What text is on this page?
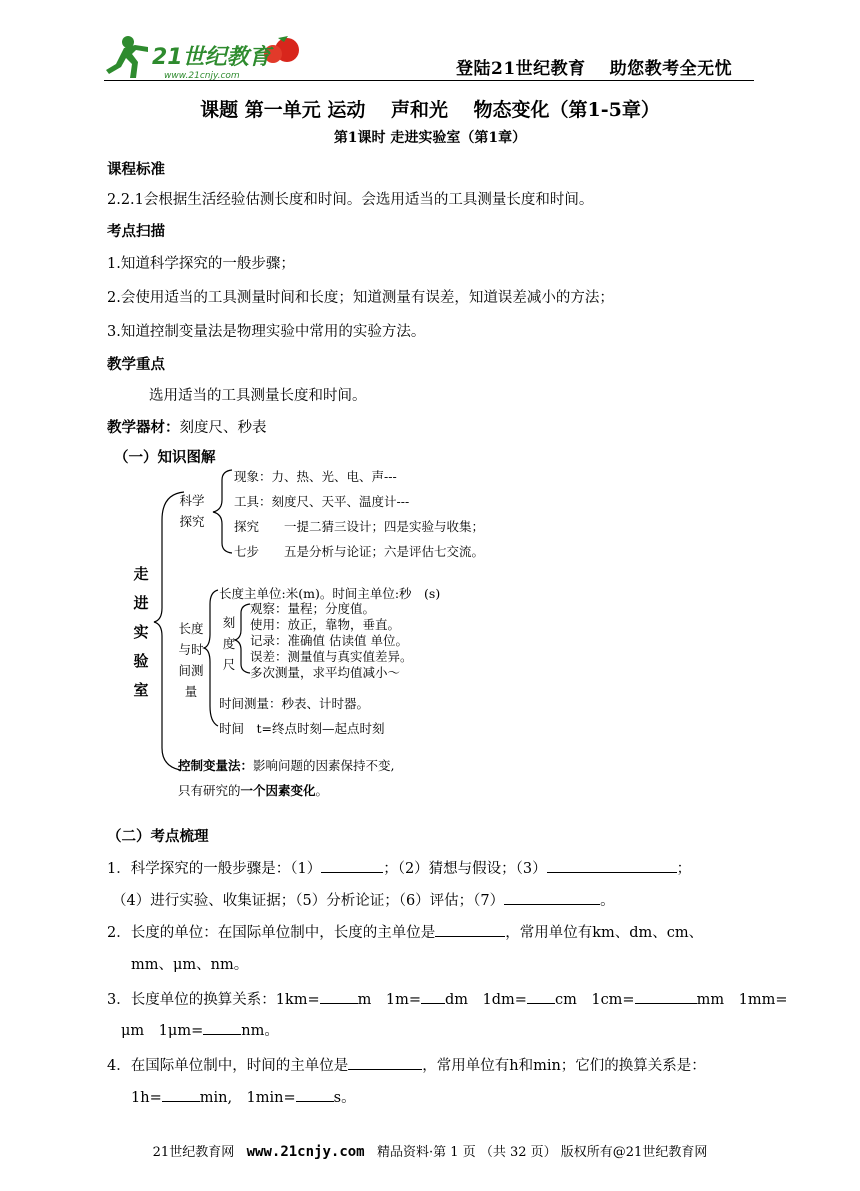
21世纪教育
www.21cnjy.com	登陆21世纪教育　 助您教考全无忧
课题 第一单元 运动 　声和光 　物态变化（第1-5章）
第1课时 走进实验室（第1章）
课程标准
2.2.1会根据生活经验估测长度和时间。会选用适当的工具测量长度和时间。
考点扫描
1.知道科学探究的一般步骤；
2.会使用适当的工具测量时间和长度；知道测量有误差，知道误差减小的方法；
3.知道控制变量法是物理实验中常用的实验方法。
教学重点
选用适当的工具测量长度和时间。
教学器材：刻度尺、秒表
（一）知识图解
走进实验室
科学探究
现象：力、热、光、电、声---
工具：刻度尺、天平、温度计---
探究　　一提二猜三设计；四是实验与收集；
七步　　五是分析与论证；六是评估七交流。
长度与时间测量
长度主单位:米(m)。时间主单位:秒　(s)
刻度尺
观察：量程；分度值。
使用：放正，靠物，垂直。
记录：准确值 估读值 单位。
误差：测量值与真实值差异。
多次测量，求平均值减小～
时间测量：秒表、计时器。
时间　t=终点时刻—起点时刻
控制变量法：影响问题的因素保持不变,
只有研究的一个因素变化。
（二）考点梳理
1．科学探究的一般步骤是：（1）	；（2）猜想与假设；（3）	；
（4）进行实验、收集证据；（5）分析论证；（6）评估；（7）	。
2．长度的单位：在国际单位制中，长度的主单位是	，常用单位有km、dm、cm、
mm、μm、nm。
3．长度单位的换算关系：1km=	m　1m= dm　1dm= cm　1cm=	mm　1mm=
μm　1μm=	nm。
4．在国际单位制中，时间的主单位是	，常用单位有h和min；它们的换算关系是：
1h=	min,　1min=	s。
21世纪教育网 www.21cnjy.com 精品资料·第 1 页 （共 32 页） 版权所有@21世纪教育网
